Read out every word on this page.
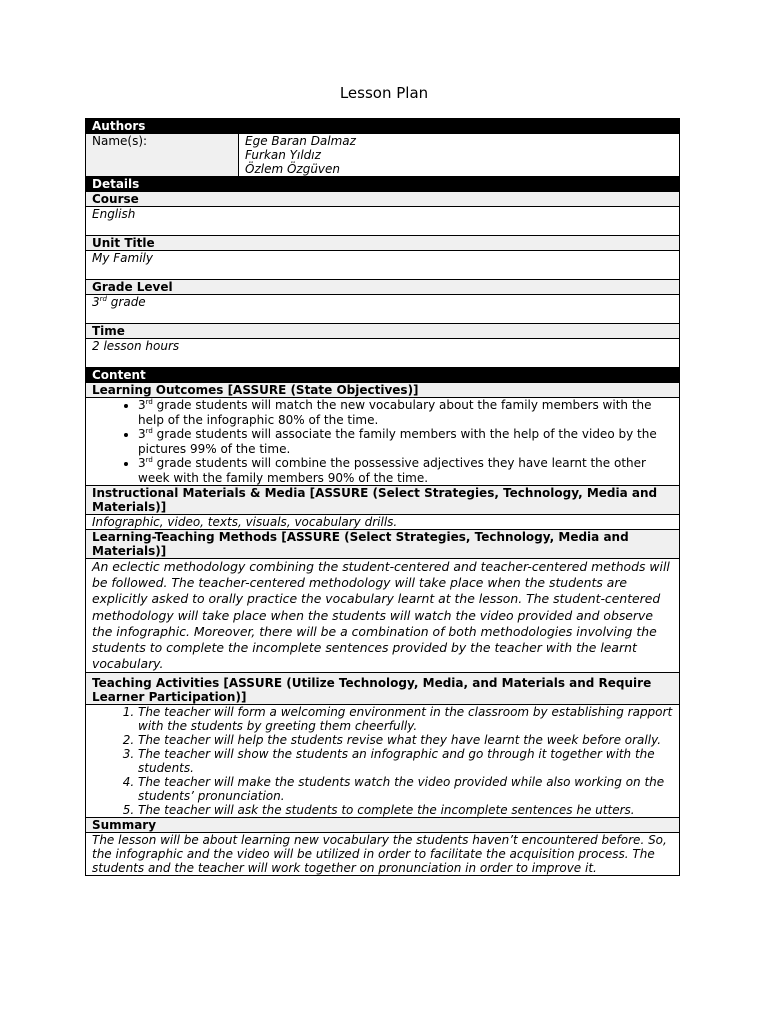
Lesson Plan
Authors
Name(s):	Ege Baran Dalmaz
Furkan Yıldız
Özlem Özgüven

Details
Course
English
Unit Title
My Family
Grade Level
3rd grade
Time
2 lesson hours
Content
Learning Outcomes [ASSURE (State Objectives)]

• 3rd grade students will match the new vocabulary about the family members with the help of the infographic 80% of the time.
• 3rd grade students will associate the family members with the help of the video by the pictures 99% of the time.
• 3rd grade students will combine the possessive adjectives they have learnt the other week with the family members 90% of the time.

Instructional Materials & Media [ASSURE (Select Strategies, Technology, Media and Materials)]
Infographic, video, texts, visuals, vocabulary drills.
Learning-Teaching Methods [ASSURE (Select Strategies, Technology, Media and Materials)]
An eclectic methodology combining the student-centered and teacher-centered methods will be followed. The teacher-centered methodology will take place when the students are explicitly asked to orally practice the vocabulary learnt at the lesson. The student-centered methodology will take place when the students will watch the video provided and observe the infographic. Moreover, there will be a combination of both methodologies involving the students to complete the incomplete sentences provided by the teacher with the learnt vocabulary.
Teaching Activities [ASSURE (Utilize Technology, Media, and Materials and Require Learner Participation)]

1. The teacher will form a welcoming environment in the classroom by establishing rapport with the students by greeting them cheerfully.
2. The teacher will help the students revise what they have learnt the week before orally.
3. The teacher will show the students an infographic and go through it together with the students.
4. The teacher will make the students watch the video provided while also working on the students’ pronunciation.
5. The teacher will ask the students to complete the incomplete sentences he utters.

Summary
The lesson will be about learning new vocabulary the students haven’t encountered before. So, the infographic and the video will be utilized in order to facilitate the acquisition process. The students and the teacher will work together on pronunciation in order to improve it.
